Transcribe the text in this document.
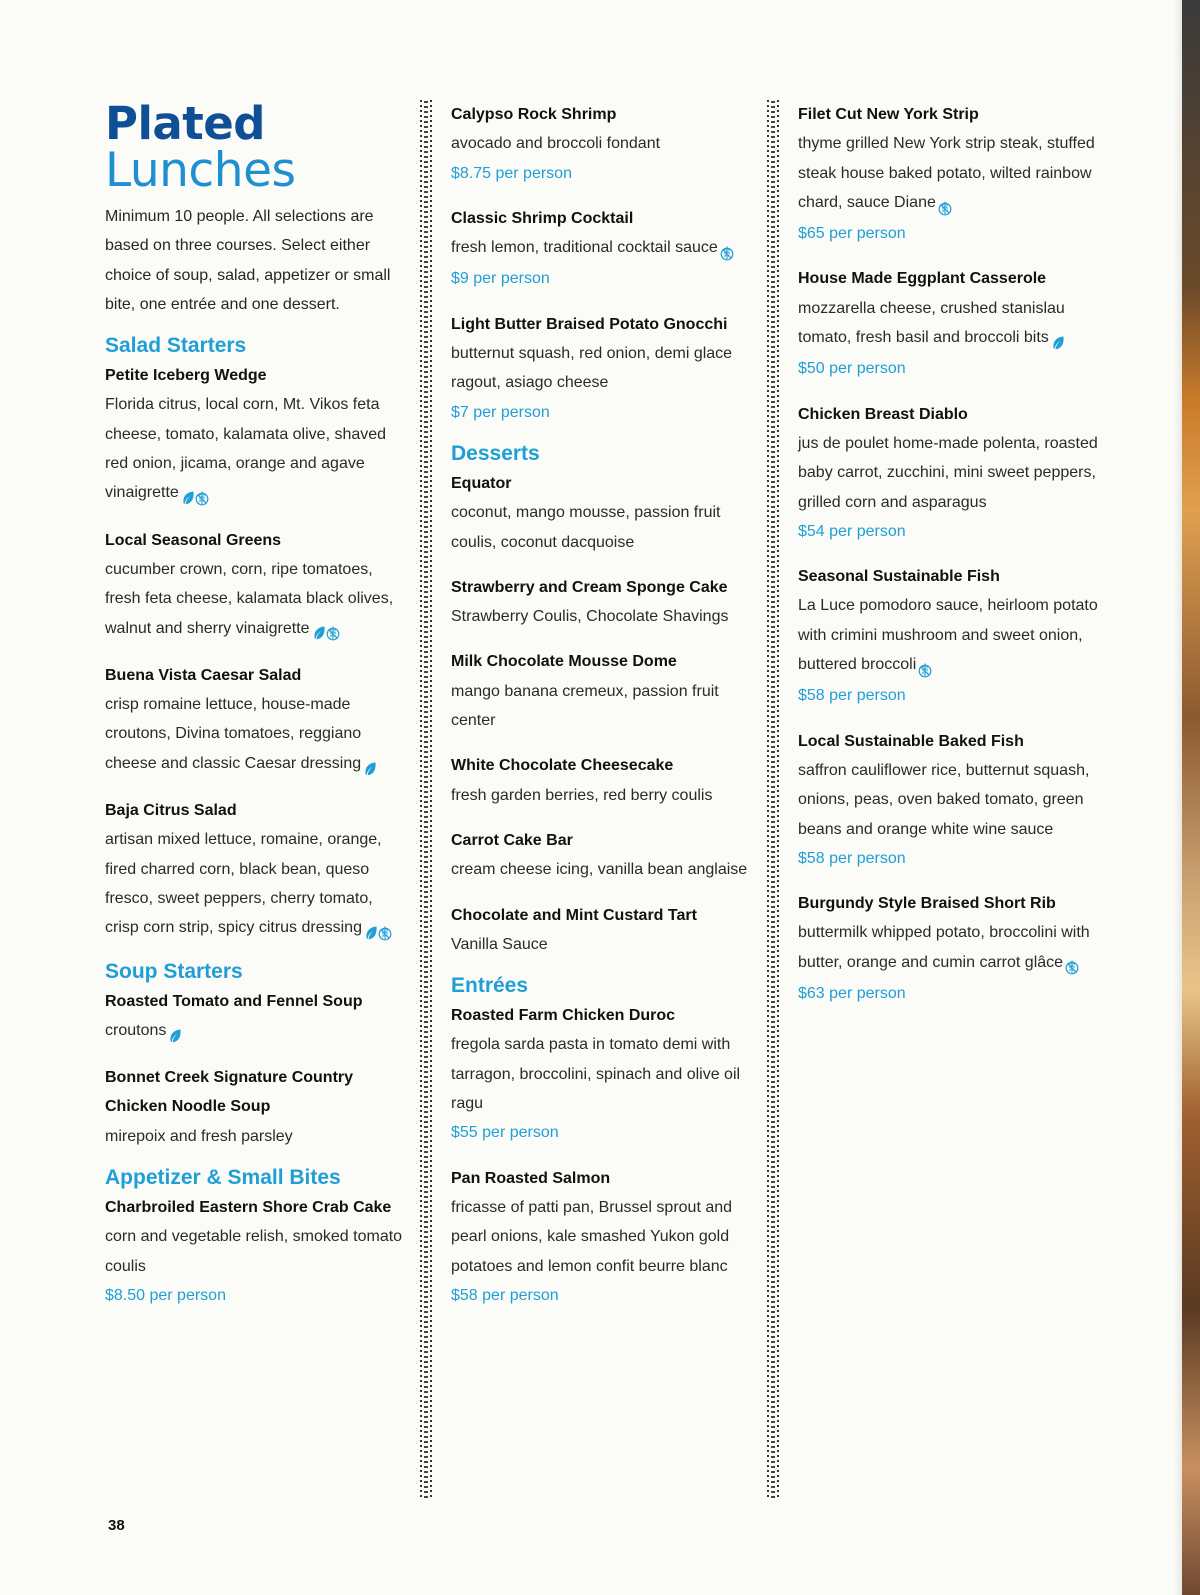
Plated
Lunches
Minimum 10 people. All selections are based on three courses. Select either choice of soup, salad, appetizer or small bite, one entrée and one dessert.
Salad Starters
Petite Iceberg Wedge
Florida citrus, local corn, Mt. Vikos feta cheese, tomato, kalamata olive, shaved red onion, jicama, orange and agave vinaigrette
Local Seasonal Greens
cucumber crown, corn, ripe tomatoes, fresh feta cheese, kalamata black olives, walnut and sherry vinaigrette
Buena Vista Caesar Salad
crisp romaine lettuce, house-made croutons, Divina tomatoes, reggiano cheese and classic Caesar dressing
Baja Citrus Salad
artisan mixed lettuce, romaine, orange, fired charred corn, black bean, queso fresco, sweet peppers, cherry tomato, crisp corn strip, spicy citrus dressing
Soup Starters
Roasted Tomato and Fennel Soup
croutons
Bonnet Creek Signature Country Chicken Noodle Soup
mirepoix and fresh parsley
Appetizer & Small Bites
Charbroiled Eastern Shore Crab Cake
corn and vegetable relish, smoked tomato coulis
$8.50 per person
Calypso Rock Shrimp
avocado and broccoli fondant
$8.75 per person
Classic Shrimp Cocktail
fresh lemon, traditional cocktail sauce
$9 per person
Light Butter Braised Potato Gnocchi
butternut squash, red onion, demi glace ragout, asiago cheese
$7 per person
Desserts
Equator
coconut, mango mousse, passion fruit coulis, coconut dacquoise
Strawberry and Cream Sponge Cake
Strawberry Coulis, Chocolate Shavings
Milk Chocolate Mousse Dome
mango banana cremeux, passion fruit center
White Chocolate Cheesecake
fresh garden berries, red berry coulis
Carrot Cake Bar
cream cheese icing, vanilla bean anglaise
Chocolate and Mint Custard Tart
Vanilla Sauce
Entrées
Roasted Farm Chicken Duroc
fregola sarda pasta in tomato demi with tarragon, broccolini, spinach and olive oil ragu
$55 per person
Pan Roasted Salmon
fricasse of patti pan, Brussel sprout and pearl onions, kale smashed Yukon gold potatoes and lemon confit beurre blanc
$58 per person
Filet Cut New York Strip
thyme grilled New York strip steak, stuffed steak house baked potato, wilted rainbow chard, sauce Diane
$65 per person
House Made Eggplant Casserole
mozzarella cheese, crushed stanislau tomato, fresh basil and broccoli bits
$50 per person
Chicken Breast Diablo
jus de poulet home-made polenta, roasted baby carrot, zucchini, mini sweet peppers, grilled corn and asparagus
$54 per person
Seasonal Sustainable Fish
La Luce pomodoro sauce, heirloom potato with crimini mushroom and sweet onion, buttered broccoli
$58 per person
Local Sustainable Baked Fish
saffron cauliflower rice, butternut squash, onions, peas, oven baked tomato, green beans and orange white wine sauce
$58 per person
Burgundy Style Braised Short Rib
buttermilk whipped potato, broccolini with butter, orange and cumin carrot glâce
$63 per person
38
